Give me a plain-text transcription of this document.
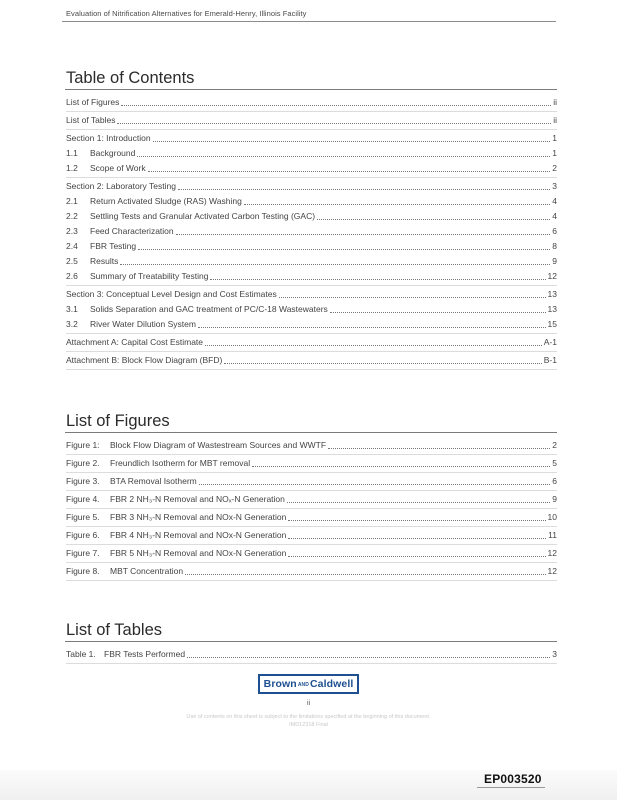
Evaluation of Nitrification Alternatives for Emerald-Henry, Illinois Facility
Table of Contents
List of Figures	ii
List of Tables	ii
Section 1: Introduction	1
1.1	Background	1
1.2	Scope of Work	2
Section 2: Laboratory Testing	3
2.1	Return Activated Sludge (RAS) Washing	4
2.2	Settling Tests and Granular Activated Carbon Testing (GAC)	4
2.3	Feed Characterization	6
2.4	FBR Testing	8
2.5	Results	9
2.6	Summary of Treatability Testing	12
Section 3: Conceptual Level Design and Cost Estimates	13
3.1	Solids Separation and GAC treatment of PC/C-18 Wastewaters	13
3.2	River Water Dilution System	15
Attachment A: Capital Cost Estimate	A-1
Attachment B: Block Flow Diagram (BFD)	B-1
List of Figures
Figure 1:	Block Flow Diagram of Wastestream Sources and WWTF	2
Figure 2.	Freundlich Isotherm for MBT removal	5
Figure 3.	BTA Removal Isotherm	6
Figure 4.	FBR 2 NH₃-N Removal and NOₓ-N Generation	9
Figure 5.	FBR 3 NH₃-N Removal and NOx-N Generation	10
Figure 6.	FBR 4 NH₃-N Removal and NOx-N Generation	11
Figure 7.	FBR 5 NH₃-N Removal and NOx-N Generation	12
Figure 8.	MBT Concentration	12
List of Tables
Table 1. FBR Tests Performed	3
Brown AND Caldwell
ii
Use of contents on this sheet is subject to the limitations specified at the beginning of this document.
IMD12318 Final
EP003520
